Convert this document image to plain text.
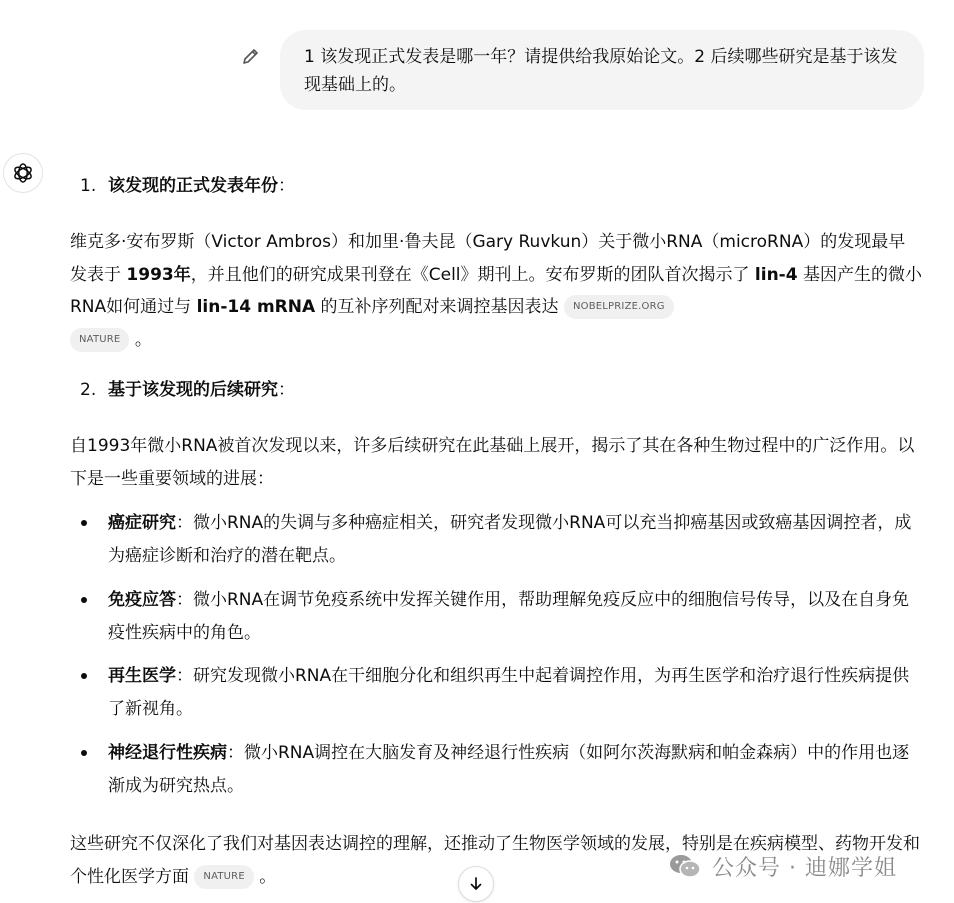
1 该发现正式发表是哪一年？请提供给我原始论文。2 后续哪些研究是基于该发现基础上的。
1. 该发现的正式发表年份：
维克多·安布罗斯（Victor Ambros）和加里·鲁夫昆（Gary Ruvkun）关于微小RNA（microRNA）的发现最早发表于 1993年，并且他们的研究成果刊登在《Cell》期刊上。安布罗斯的团队首次揭示了 lin-4 基因产生的微小RNA如何通过与 lin-14 mRNA 的互补序列配对来调控基因表达 NOBELPRIZE.ORG
NATURE 。
2. 基于该发现的后续研究：
自1993年微小RNA被首次发现以来，许多后续研究在此基础上展开，揭示了其在各种生物过程中的广泛作用。以下是一些重要领域的进展：
癌症研究：微小RNA的失调与多种癌症相关，研究者发现微小RNA可以充当抑癌基因或致癌基因调控者，成为癌症诊断和治疗的潜在靶点。
免疫应答：微小RNA在调节免疫系统中发挥关键作用，帮助理解免疫反应中的细胞信号传导，以及在自身免疫性疾病中的角色。
再生医学：研究发现微小RNA在干细胞分化和组织再生中起着调控作用，为再生医学和治疗退行性疾病提供了新视角。
神经退行性疾病：微小RNA调控在大脑发育及神经退行性疾病（如阿尔茨海默病和帕金森病）中的作用也逐渐成为研究热点。
这些研究不仅深化了我们对基因表达调控的理解，还推动了生物医学领域的发展，特别是在疾病模型、药物开发和个性化医学方面 NATURE 。	公众号 · 迪娜学姐
